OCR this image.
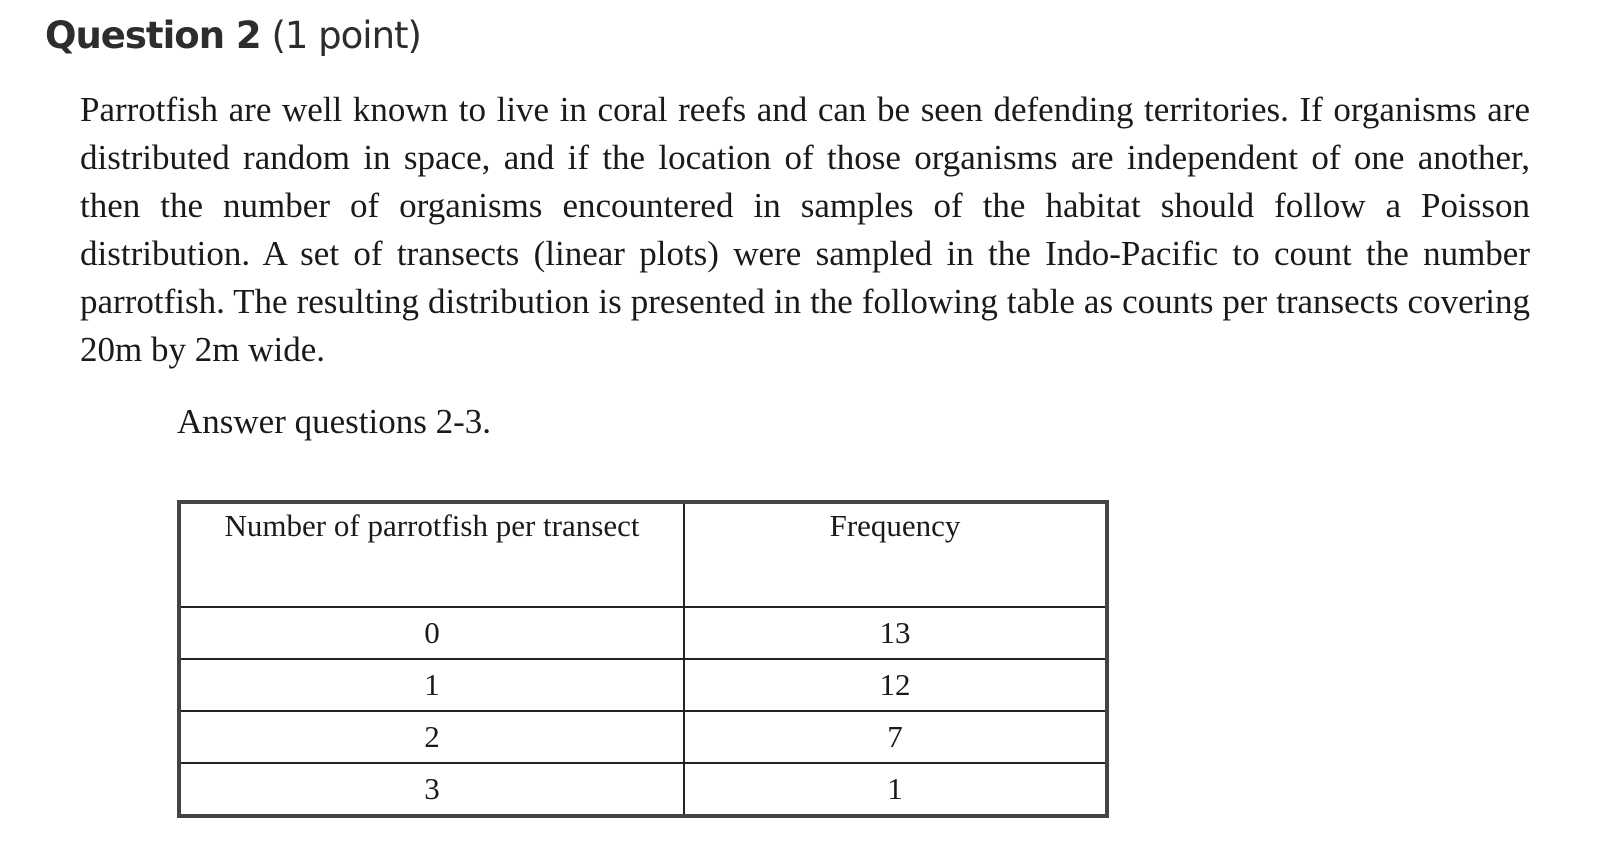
Question 2 (1 point)

Parrotfish are well known to live in coral reefs and can be seen defending territories. If organisms are distributed random in space, and if the location of those organisms are independent of one another, then the number of organisms encountered in samples of the habitat should follow a Poisson distribution. A set of transects (linear plots) were sampled in the Indo-Pacific to count the number parrotfish. The resulting distribution is presented in the following table as counts per transects covering 20m by 2m wide.

Answer questions 2-3.
Number of parrotfish per transect	Frequency
0	13
1	12
2	7
3	1
